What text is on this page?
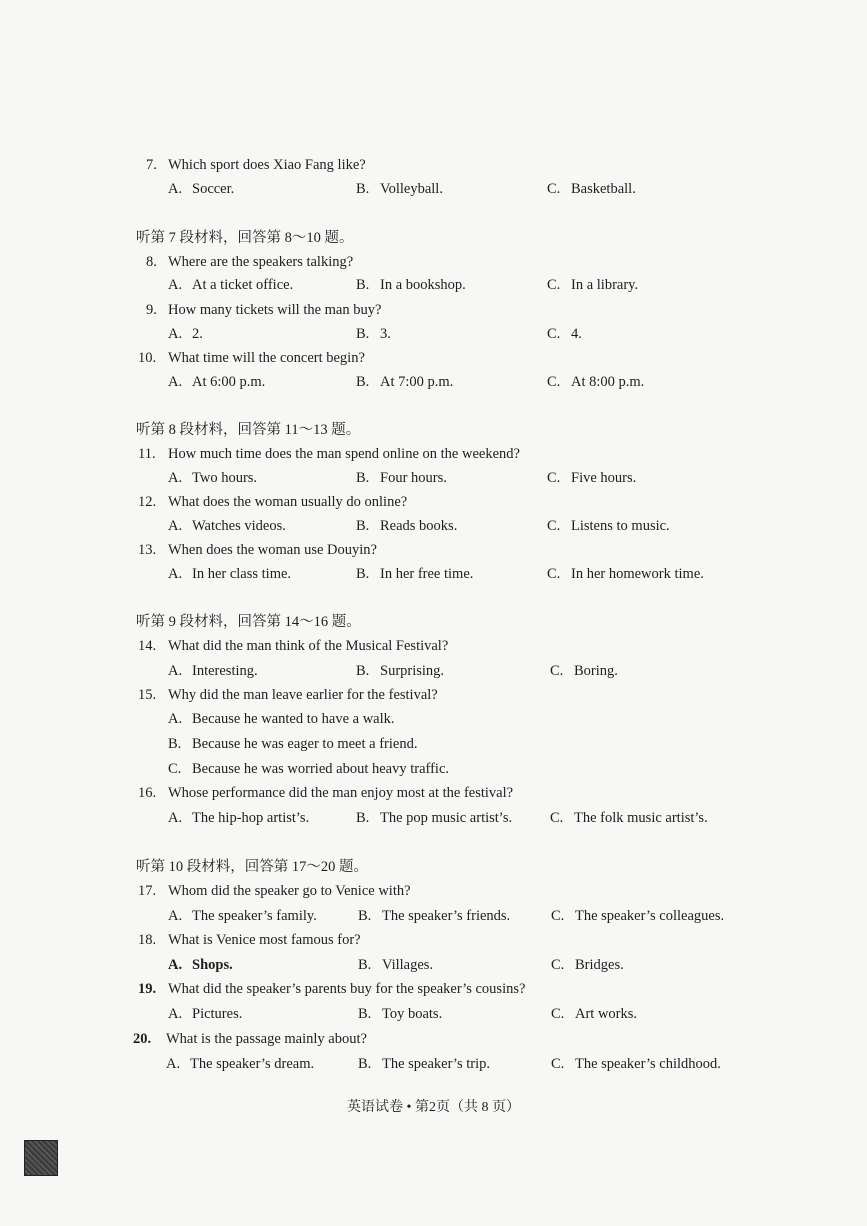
7. Which sport does Xiao Fang like?
A. Soccer.	B. Volleyball.	C. Basketball.
听第 7 段材料，回答第 8～10 题。
8. Where are the speakers talking?
A. At a ticket office.	B. In a bookshop.	C. In a library.
9. How many tickets will the man buy?
A. 2.	B. 3.	C. 4.
10. What time will the concert begin?
A. At 6:00 p.m.	B. At 7:00 p.m.	C. At 8:00 p.m.
听第 8 段材料，回答第 11～13 题。
11. How much time does the man spend online on the weekend?
A. Two hours.	B. Four hours.	C. Five hours.
12. What does the woman usually do online?
A. Watches videos.	B. Reads books.	C. Listens to music.
13. When does the woman use Douyin?
A. In her class time.	B. In her free time.	C. In her homework time.
听第 9 段材料，回答第 14～16 题。
14. What did the man think of the Musical Festival?
A. Interesting.	B. Surprising.	C. Boring.
15. Why did the man leave earlier for the festival?
A. Because he wanted to have a walk.
B. Because he was eager to meet a friend.
C. Because he was worried about heavy traffic.
16. Whose performance did the man enjoy most at the festival?
A. The hip-hop artist’s.	B. The pop music artist’s.	C. The folk music artist’s.
听第 10 段材料，回答第 17～20 题。
17. Whom did the speaker go to Venice with?
A. The speaker’s family.	B. The speaker’s friends.	C. The speaker’s colleagues.
18. What is Venice most famous for?
A. Shops.	B. Villages.	C. Bridges.
19. What did the speaker’s parents buy for the speaker’s cousins?
A. Pictures.	B. Toy boats.	C. Art works.
20. What is the passage mainly about?
A. The speaker’s dream.	B. The speaker’s trip.	C. The speaker’s childhood.
英语试卷 • 第2页（共 8 页）
